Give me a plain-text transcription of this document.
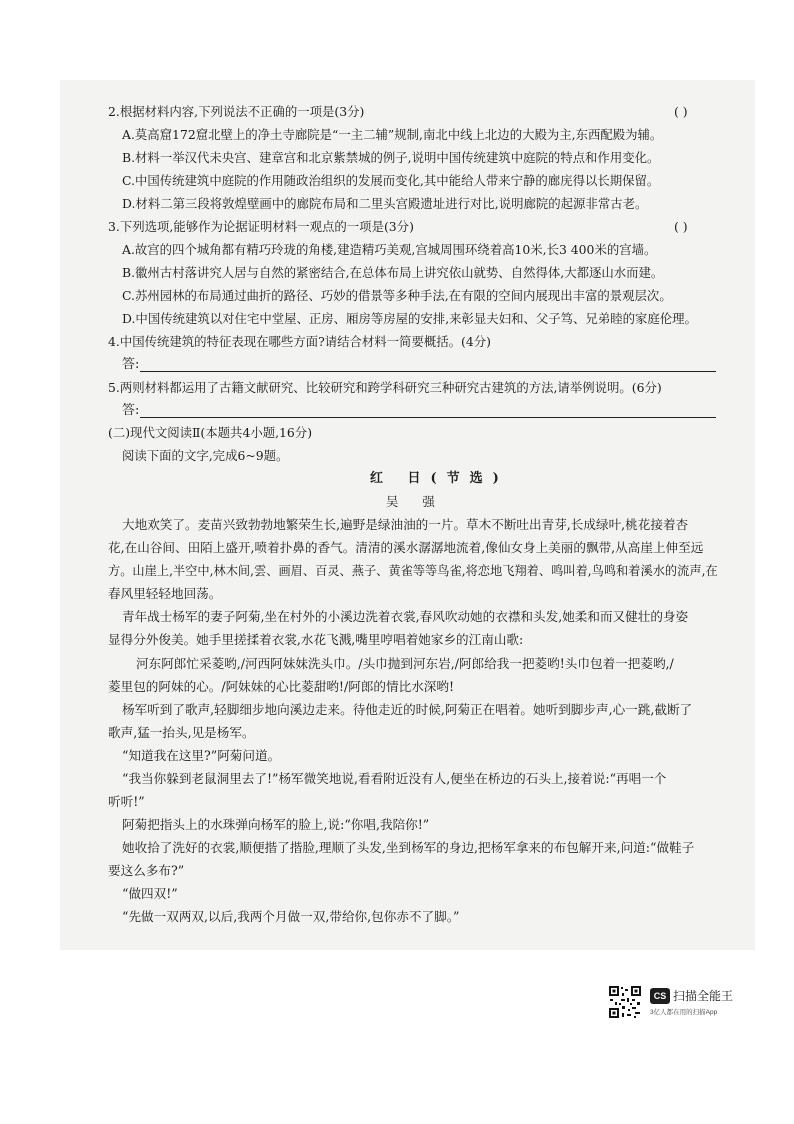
2.根据材料内容,下列说法不正确的一项是(3分)	( )
A.莫高窟172窟北壁上的净土寺廊院是“一主二辅”规制,南北中线上北边的大殿为主,东西配殿为辅。
B.材料一举汉代未央宫、建章宫和北京紫禁城的例子,说明中国传统建筑中庭院的特点和作用变化。
C.中国传统建筑中庭院的作用随政治组织的发展而变化,其中能给人带来宁静的廊庑得以长期保留。
D.材料二第三段将敦煌壁画中的廊院布局和二里头宫殿遗址进行对比,说明廊院的起源非常古老。
3.下列选项,能够作为论据证明材料一观点的一项是(3分)	( )
A.故宫的四个城角都有精巧玲珑的角楼,建造精巧美观,宫城周围环绕着高10米,长3 400米的宫墙。
B.徽州古村落讲究人居与自然的紧密结合,在总体布局上讲究依山就势、自然得体,大都逐山水而建。
C.苏州园林的布局通过曲折的路径、巧妙的借景等多种手法,在有限的空间内展现出丰富的景观层次。
D.中国传统建筑以对住宅中堂屋、正房、厢房等房屋的安排,来彰显夫妇和、父子笃、兄弟睦的家庭伦理。
4.中国传统建筑的特征表现在哪些方面?请结合材料一简要概括。(4分)
答:
5.两则材料都运用了古籍文献研究、比较研究和跨学科研究三种研究古建筑的方法,请举例说明。(6分)
答:
(二)现代文阅读Ⅱ(本题共4小题,16分)
阅读下面的文字,完成6~9题。
红 日(节选)
吴 强
大地欢笑了。麦苗兴致勃勃地繁荣生长,遍野是绿油油的一片。草木不断吐出青芽,长成绿叶,桃花接着杏
花,在山谷间、田陌上盛开,喷着扑鼻的香气。清清的溪水潺潺地流着,像仙女身上美丽的飘带,从高崖上伸至远
方。山崖上,半空中,林木间,雲、画眉、百灵、燕子、黄雀等等鸟雀,将恋地飞翔着、鸣叫着,鸟鸣和着溪水的流声,在
春风里轻轻地回荡。
青年战士杨军的妻子阿菊,坐在村外的小溪边洗着衣裳,春风吹动她的衣襟和头发,她柔和而又健壮的身姿
显得分外俊美。她手里搓揉着衣裳,水花飞溅,嘴里哼唱着她家乡的江南山歌:
河东阿郎忙采菱哟,/河西阿妹妹洗头巾。/头巾抛到河东岩,/阿郎给我一把菱哟!头巾包着一把菱哟,/
菱里包的阿妹的心。/阿妹妹的心比菱甜哟!/阿郎的情比水深哟!
杨军听到了歌声,轻脚细步地向溪边走来。待他走近的时候,阿菊正在唱着。她听到脚步声,心一跳,截断了
歌声,猛一抬头,见是杨军。
“知道我在这里?”阿菊问道。
“我当你躲到老鼠洞里去了!”杨军微笑地说,看看附近没有人,便坐在桥边的石头上,接着说:“再唱一个
听听!”
阿菊把指头上的水珠弹向杨军的脸上,说:“你唱,我陪你!”
她收拾了洗好的衣裳,顺便揩了揩脸,理顺了头发,坐到杨军的身边,把杨军拿来的布包解开来,问道:“做鞋子
要这么多布?”
“做四双!”
“先做一双两双,以后,我两个月做一双,带给你,包你赤不了脚。”
CS 扫描全能王
3亿人都在用的扫描App
